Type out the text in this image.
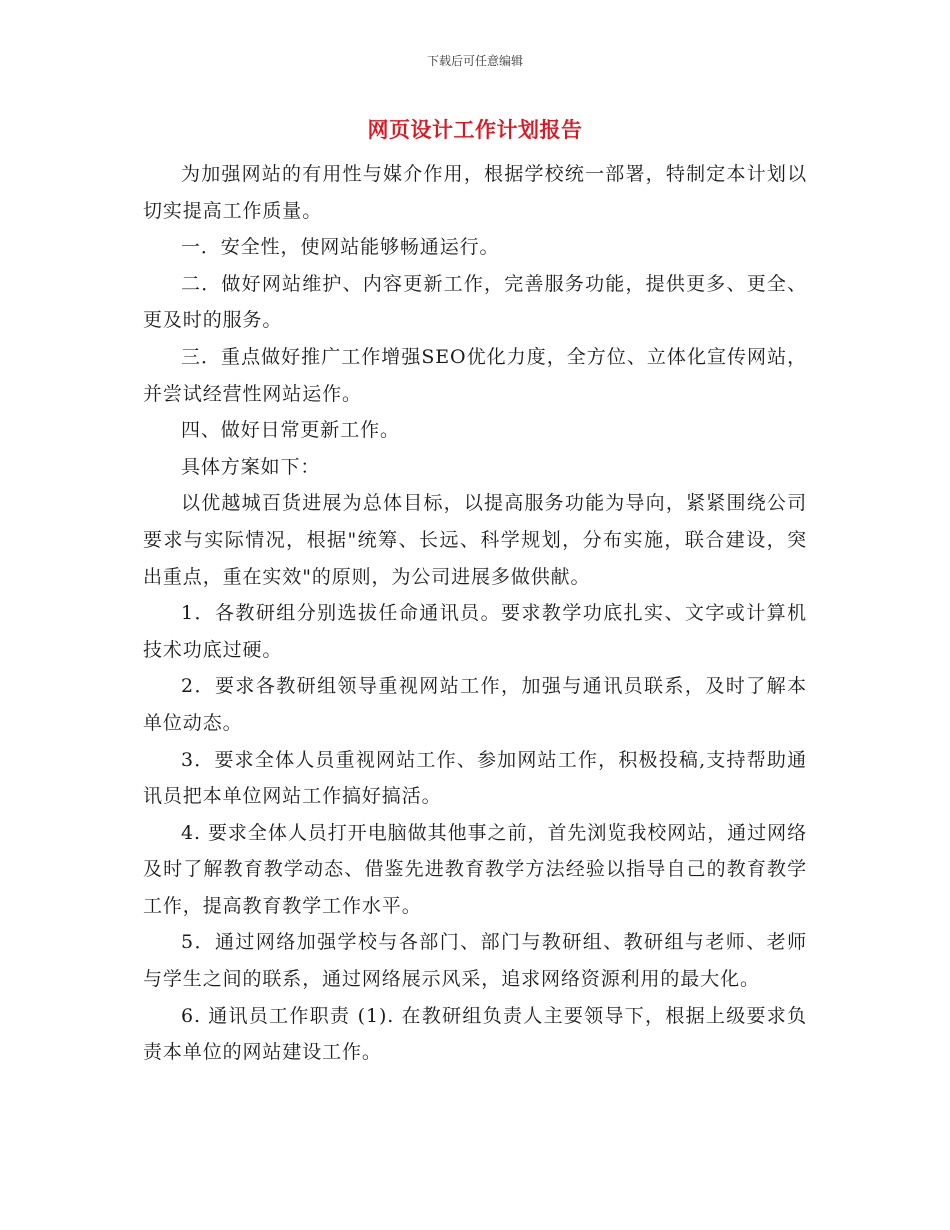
下载后可任意编辑
网页设计工作计划报告

为加强网站的有用性与媒介作用，根据学校统一部署，特制定本计划以切实提高工作质量。

一．安全性，使网站能够畅通运行。

二．做好网站维护、内容更新工作，完善服务功能，提供更多、更全、更及时的服务。

三．重点做好推广工作增强SEO优化力度，全方位、立体化宣传网站，并尝试经营性网站运作。

四、做好日常更新工作。

具体方案如下：

以优越城百货进展为总体目标，以提高服务功能为导向，紧紧围绕公司要求与实际情况，根据"统筹、长远、科学规划，分布实施，联合建设，突出重点，重在实效"的原则，为公司进展多做供献。

1．各教研组分别选拔任命通讯员。要求教学功底扎实、文字或计算机技术功底过硬。

2．要求各教研组领导重视网站工作，加强与通讯员联系，及时了解本单位动态。

3．要求全体人员重视网站工作、参加网站工作，积极投稿,支持帮助通讯员把本单位网站工作搞好搞活。

4. 要求全体人员打开电脑做其他事之前，首先浏览我校网站，通过网络及时了解教育教学动态、借鉴先进教育教学方法经验以指导自己的教育教学工作，提高教育教学工作水平。

5．通过网络加强学校与各部门、部门与教研组、教研组与老师、老师与学生之间的联系，通过网络展示风采，追求网络资源利用的最大化。

6. 通讯员工作职责 (1). 在教研组负责人主要领导下，根据上级要求负责本单位的网站建设工作。
